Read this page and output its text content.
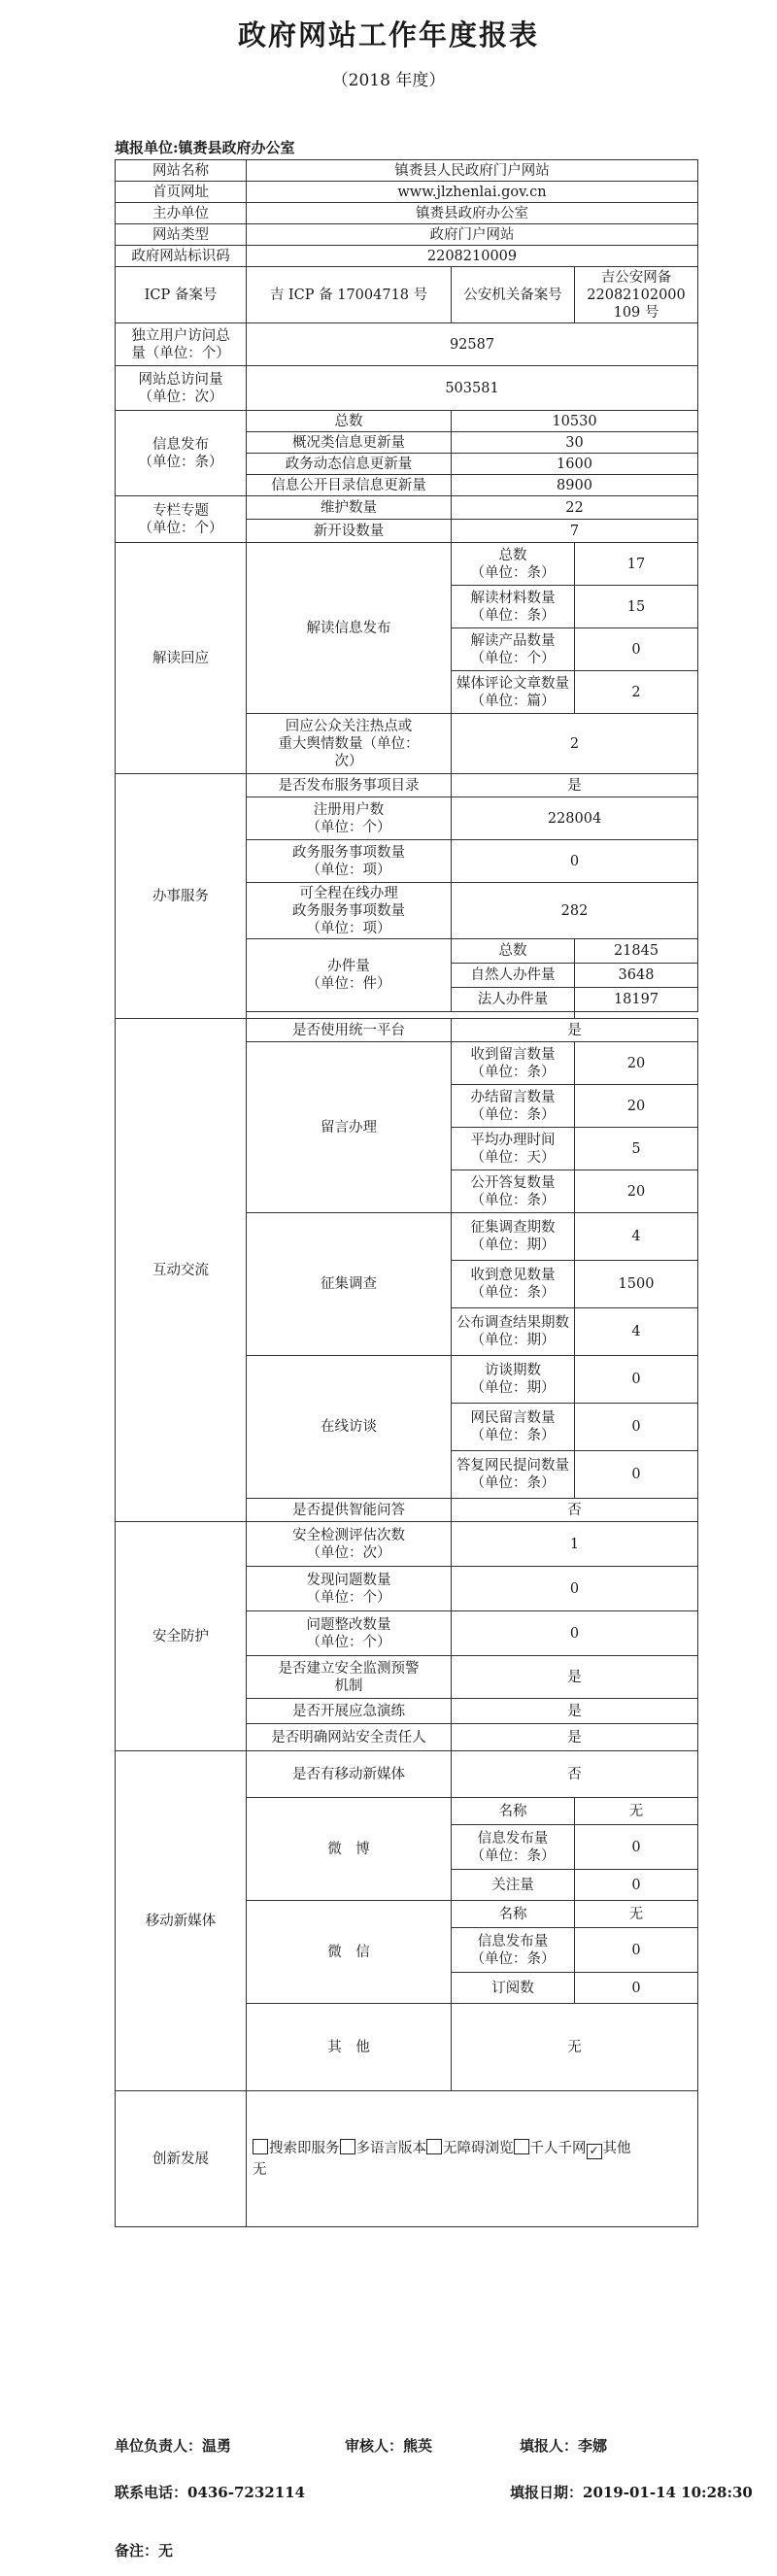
政府网站工作年度报表
（2018 年度）
填报单位:镇赉县政府办公室
网站名称	镇赉县人民政府门户网站		
首页网址	www.jlzhenlai.gov.cn		
主办单位	镇赉县政府办公室		
网站类型	政府门户网站		
政府网站标识码	2208210009		
ICP 备案号	吉 ICP 备 17004718 号	公安机关备案号	吉公安网备
22082102000
109 号

独立用户访问总
量（单位：个）	92587		

网站总访问量
（单位：次）	503581		

信息发布
（单位：条）	总数	10530	
	概况类信息更新量	30	
	政务动态信息更新量	1600	
	信息公开目录信息更新量	8900	

专栏专题
（单位：个）	维护数量	22	
	新开设数量	7	
解读回应	解读信息发布	总数
（单位：条）	17

		解读材料数量
（单位：条）	15

		解读产品数量
（单位：个）	0

		媒体评论文章数量
（单位：篇）	2

	回应公众关注热点或
重大舆情数量（单位：
次）	2	
办事服务	是否发布服务事项目录	是	

	注册用户数
（单位：个）	228004	

	政务服务事项数量
（单位：项）	0	

	可全程在线办理
政务服务事项数量
（单位：项）	282	

	办件量
（单位：件）	总数	21845
		自然人办件量	3648
		法人办件量	18197

互动交流	是否使用统一平台	是	
	留言办理	收到留言数量
（单位：条）	20

		办结留言数量
（单位：条）	20

		平均办理时间
（单位：天）	5

		公开答复数量
（单位：条）	20
	征集调查	征集调查期数
（单位：期）	4

		收到意见数量
（单位：条）	1500

		公布调查结果期数
（单位：期）	4
	在线访谈	访谈期数
（单位：期）	0

		网民留言数量
（单位：条）	0

		答复网民提问数量
（单位：条）	0
	是否提供智能问答	否	
安全防护	安全检测评估次数
（单位：次）	1	

	发现问题数量
（单位：个）	0	

	问题整改数量
（单位：个）	0	

	是否建立安全监测预警
机制	是	
	是否开展应急演练	是	
	是否明确网站安全责任人	是	
移动新媒体	是否有移动新媒体	否	
	微　博	名称	无

		信息发布量
（单位：条）	0

		关注量	0
	微　信	名称	无

		信息发布量
（单位：条）	0

		订阅数	0
	其　他	无	
创新发展	搜索即服务 多语言版本 无障碍浏览 千人千网 ✓ 其他
无		
单位负责人：温勇	审核人：熊英	填报人：李娜
联系电话：0436-7232114	填报日期：2019-01-14 10:28:30
备注：无
